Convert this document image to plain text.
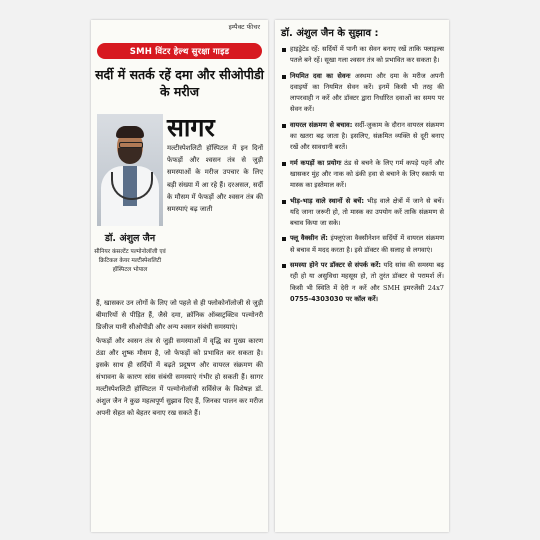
इम्पैक्ट फीचर
SMH विंटर हेल्थ सुरक्षा गाइड
सर्दी में सतर्क रहें दमा और सीओपीडी के मरीज
सागर
मल्टीस्पेशलिटी हॉस्पिटल में इन दिनों फेफड़ों और श्वसन तंत्र से जुड़ी समस्याओं के मरीज उपचार के लिए बड़ी संख्या में आ रहे हैं। दरअसल, सर्दी के मौसम में फेफड़ों और श्वसन तंत्र की समस्याएं बढ़ जाती
डॉ. अंशुल जैन
सीनियर कंसल्टेंट पल्मोनोलॉजी एवं क्रिटिकल केयर मल्टीस्पेशलिटी हॉस्पिटल भोपाल

हैं, खासकर उन लोगों के लिए जो पहले से ही फ्लोकोनॉलोजी से जुड़ी बीमारियों से पीड़ित हैं, जैसे दमा, क्रॉनिक ऑब्सट्रक्टिव पल्मोनरी डिजीज यानी सीओपीडी और अन्य श्वसन संबंधी समस्याएं।

फेफड़ों और श्वसन तंत्र से जुड़ी समस्याओं में वृद्धि का मुख्य कारण ठंडा और शुष्क मौसम है, जो फेफड़ों को प्रभावित कर सकता है। इसके साथ ही सर्दियों में बढ़ते प्रदूषण और वायरल संक्रमण की संभावना के कारण सांस संबंधी समस्याएं गंभीर हो सकती हैं। सागर मल्टीस्पेशलिटी हॉस्पिटल में पल्मोनोलॉजी सर्विसेज के विशेषज्ञ डॉ. अंशुल जैन ने कुछ महत्वपूर्ण सुझाव दिए हैं, जिनका पालन कर मरीज अपनी सेहत को बेहतर बनाए रख सकते हैं।

डॉ. अंशुल जैन के सुझाव :
हाइड्रेटेड रहें: सर्दियों में पानी का सेवन बनाए रखें ताकि फ्लाइल्स पतले बने रहें। सूखा गला श्वसन तंत्र को प्रभावित कर सकता है।
नियमित दवा का सेवनः अस्थमा और दमा के मरीज अपनी दवाइयों का नियमित सेवन करें। इनमें किसी भी तरह की लापरवाही न करें और डॉक्टर द्वारा निर्धारित दवाओं का समय पर सेवन करें।
वायरल संक्रमण से बचाव: सर्दी-जुकाम के दौरान वायरल संक्रमण का खतरा बढ़ जाता है। इसलिए, संक्रमित व्यक्ति से दूरी बनाए रखें और सावधानी बरतें।
गर्म कपड़ों का प्रयोगः ठंड से बचने के लिए गर्म कपड़े पहनें और खासकर मुंह और नाक को ढंकी हवा से बचाने के लिए स्कार्फ या मास्क का इस्तेमाल करें।
भीड़-भाड़ वाले स्थानों से बचें: भीड़ वाले क्षेत्रों में जाने से बचें। यदि जाना जरूरी हो, तो मास्क का उपयोग करें ताकि संक्रमण से बचाव किया जा सके।
फ्लू वैक्सीन लें: इंफ्लूएंजा वैक्सीनेशन सर्दियों में वायरल संक्रमण से बचाव में मदद करता है। इसे डॉक्टर की सलाह से लगवाएं।
समस्या होने पर डॉक्टर से संपर्क करें: यदि सांस की समस्या बढ़ रही हो या असुविधा महसूस हो, तो तुरंत डॉक्टर से परामर्श लें। किसी भी स्थिति में देरी न करें और SMH इमरजेंसी 24x7 0755-4303030 पर कॉल करें।
